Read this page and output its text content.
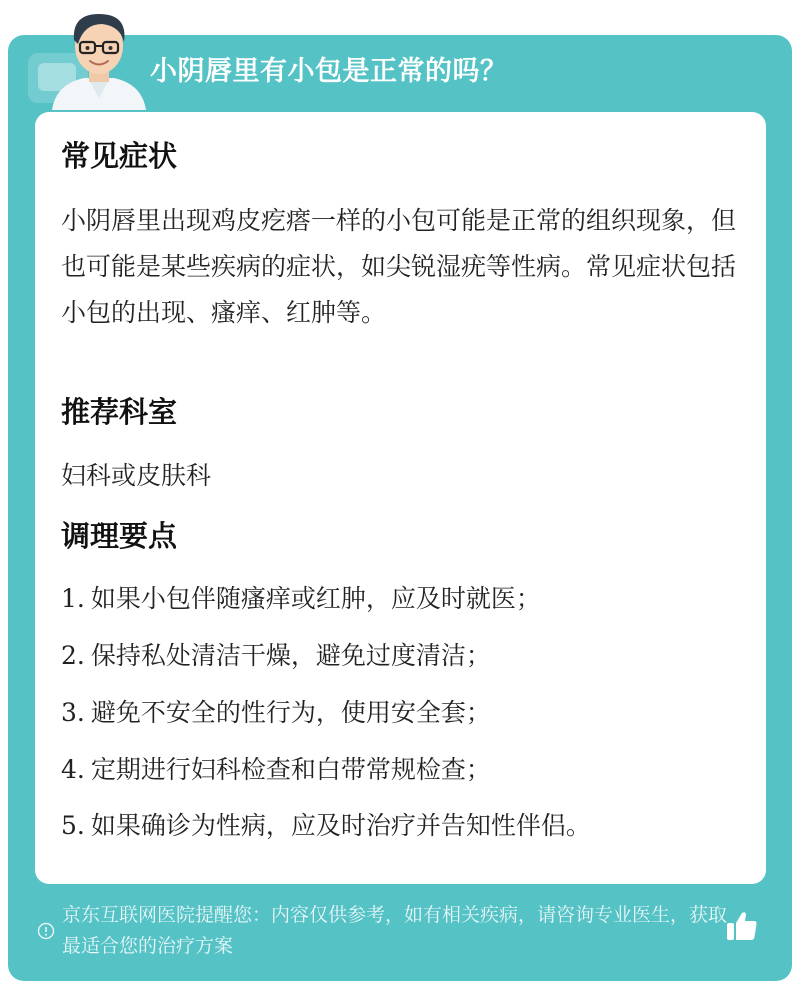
小阴唇里有小包是正常的吗？
常见症状
小阴唇里出现鸡皮疙瘩一样的小包可能是正常的组织现象，但也可能是某些疾病的症状，如尖锐湿疣等性病。常见症状包括小包的出现、瘙痒、红肿等。
推荐科室
妇科或皮肤科
调理要点
1. 如果小包伴随瘙痒或红肿，应及时就医；
2. 保持私处清洁干燥，避免过度清洁；
3. 避免不安全的性行为，使用安全套；
4. 定期进行妇科检查和白带常规检查；
5. 如果确诊为性病，应及时治疗并告知性伴侣。
京东互联网医院提醒您：内容仅供参考，如有相关疾病，请咨询专业医生，获取最适合您的治疗方案
